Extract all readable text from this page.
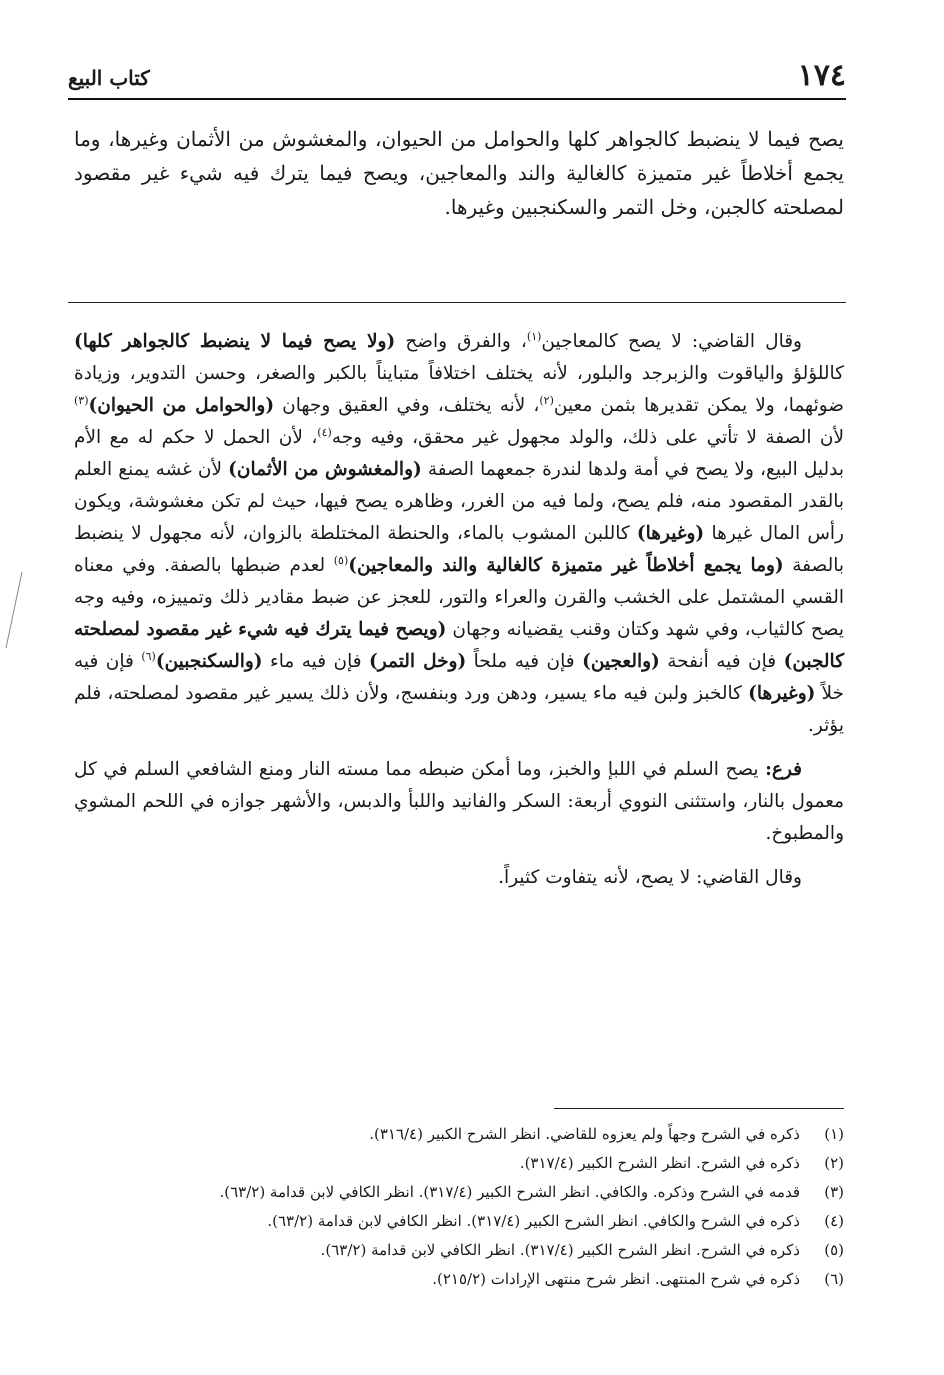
١٧٤
كتاب البيع

يصح فيما لا ينضبط كالجواهر كلها والحوامل من الحيوان، والمغشوش من الأثمان وغيرها، وما يجمع أخلاطاً غير متميزة كالغالية والند والمعاجين، ويصح فيما يترك فيه شيء غير مقصود لمصلحته كالجبن، وخل التمر والسكنجبين وغيرها.

وقال القاضي: لا يصح كالمعاجين$^{(١)}$، والفرق واضح (ولا يصح فيما لا ينضبط كالجواهر كلها) كاللؤلؤ والياقوت والزبرجد والبلور، لأنه يختلف اختلافاً متبايناً بالكبر والصغر، وحسن التدوير، وزيادة ضوئهما، ولا يمكن تقديرها بثمن معين$^{(٢)}$، لأنه يختلف، وفي العقيق وجهان (والحوامل من الحيوان)$^{(٣)}$ لأن الصفة لا تأتي على ذلك، والولد مجهول غير محقق، وفيه وجه$^{(٤)}$، لأن الحمل لا حكم له مع الأم بدليل البيع، ولا يصح في أمة ولدها لندرة جمعهما الصفة (والمغشوش من الأثمان) لأن غشه يمنع العلم بالقدر المقصود منه، فلم يصح، ولما فيه من الغرر، وظاهره يصح فيها، حيث لم تكن مغشوشة، ويكون رأس المال غيرها (وغيرها) كاللبن المشوب بالماء، والحنطة المختلطة بالزوان، لأنه مجهول لا ينضبط بالصفة (وما يجمع أخلاطاً غير متميزة كالغالية والند والمعاجين)$^{(٥)}$ لعدم ضبطها بالصفة. وفي معناه القسي المشتمل على الخشب والقرن والعراء والتور، للعجز عن ضبط مقادير ذلك وتمييزه، وفيه وجه يصح كالثياب، وفي شهد وكتان وقنب يقضيانه وجهان (ويصح فيما يترك فيه شيء غير مقصود لمصلحته كالجبن) فإن فيه أنفحة (والعجين) فإن فيه ملحاً (وخل التمر) فإن فيه ماء (والسكنجبين)$^{(٦)}$ فإن فيه خلاً (وغيرها) كالخبز ولبن فيه ماء يسير، ودهن ورد وبنفسج، ولأن ذلك يسير غير مقصود لمصلحته، فلم يؤثر.

فرع: يصح السلم في اللبإ والخبز، وما أمكن ضبطه مما مسته النار ومنع الشافعي السلم في كل معمول بالنار، واستثنى النووي أربعة: السكر والفانيد واللبأ والدبس، والأشهر جوازه في اللحم المشوي والمطبوخ.

وقال القاضي: لا يصح، لأنه يتفاوت كثيراً.

(١)
ذكره في الشرح وجهاً ولم يعزوه للقاضي. انظر الشرح الكبير (٣١٦/٤).
(٢)
ذكره في الشرح. انظر الشرح الكبير (٣١٧/٤).
(٣)
قدمه في الشرح وذكره. والكافي. انظر الشرح الكبير (٣١٧/٤). انظر الكافي لابن قدامة (٦٣/٢).
(٤)
ذكره في الشرح والكافي. انظر الشرح الكبير (٣١٧/٤). انظر الكافي لابن قدامة (٦٣/٢).
(٥)
ذكره في الشرح. انظر الشرح الكبير (٣١٧/٤). انظر الكافي لابن قدامة (٦٣/٢).
(٦)
ذكره في شرح المنتهى. انظر شرح منتهى الإرادات (٢١٥/٢).
